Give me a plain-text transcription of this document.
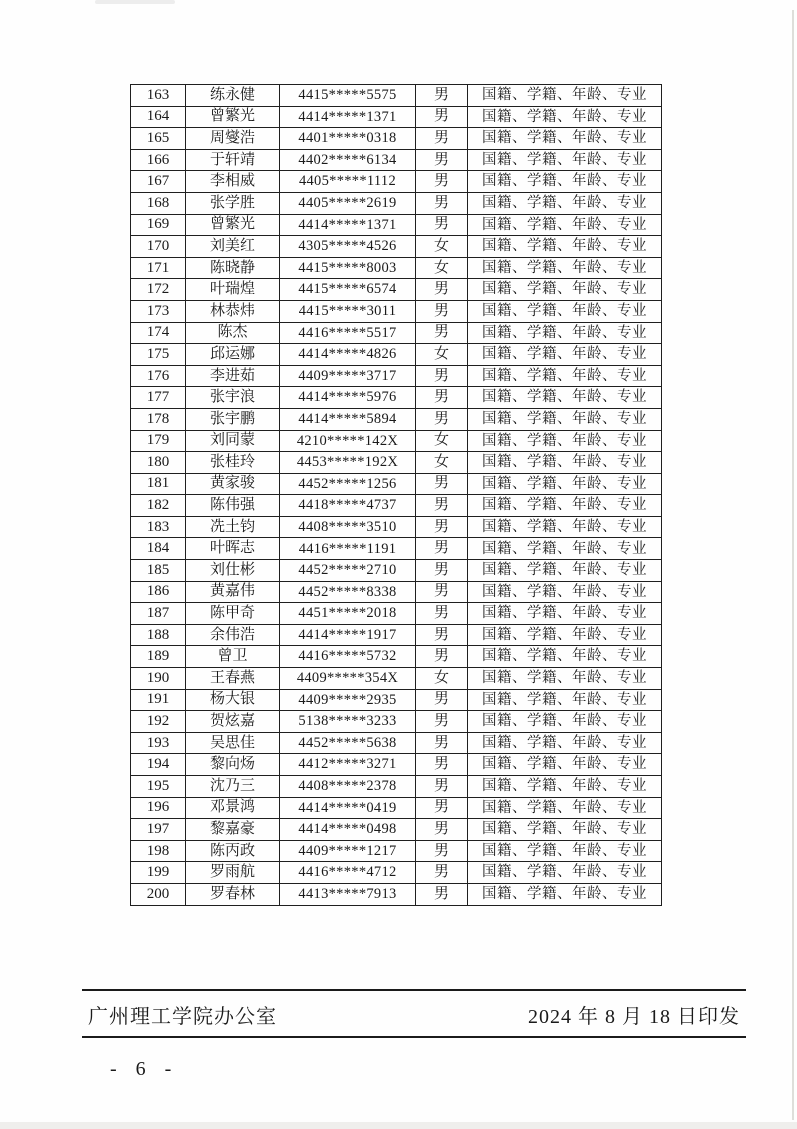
163	练永健	4415*****5575	男	国籍、学籍、年龄、专业
164	曾繁光	4414*****1371	男	国籍、学籍、年龄、专业
165	周燮浩	4401*****0318	男	国籍、学籍、年龄、专业
166	于轩靖	4402*****6134	男	国籍、学籍、年龄、专业
167	李相威	4405*****1112	男	国籍、学籍、年龄、专业
168	张学胜	4405*****2619	男	国籍、学籍、年龄、专业
169	曾繁光	4414*****1371	男	国籍、学籍、年龄、专业
170	刘美红	4305*****4526	女	国籍、学籍、年龄、专业
171	陈晓静	4415*****8003	女	国籍、学籍、年龄、专业
172	叶瑞煌	4415*****6574	男	国籍、学籍、年龄、专业
173	林恭炜	4415*****3011	男	国籍、学籍、年龄、专业
174	陈杰	4416*****5517	男	国籍、学籍、年龄、专业
175	邱运娜	4414*****4826	女	国籍、学籍、年龄、专业
176	李进茹	4409*****3717	男	国籍、学籍、年龄、专业
177	张宇浪	4414*****5976	男	国籍、学籍、年龄、专业
178	张宇鹏	4414*****5894	男	国籍、学籍、年龄、专业
179	刘同蒙	4210*****142X	女	国籍、学籍、年龄、专业
180	张桂玲	4453*****192X	女	国籍、学籍、年龄、专业
181	黄家骏	4452*****1256	男	国籍、学籍、年龄、专业
182	陈伟强	4418*****4737	男	国籍、学籍、年龄、专业
183	冼土钧	4408*****3510	男	国籍、学籍、年龄、专业
184	叶晖志	4416*****1191	男	国籍、学籍、年龄、专业
185	刘仕彬	4452*****2710	男	国籍、学籍、年龄、专业
186	黄嘉伟	4452*****8338	男	国籍、学籍、年龄、专业
187	陈甲奇	4451*****2018	男	国籍、学籍、年龄、专业
188	余伟浩	4414*****1917	男	国籍、学籍、年龄、专业
189	曾卫	4416*****5732	男	国籍、学籍、年龄、专业
190	王春燕	4409*****354X	女	国籍、学籍、年龄、专业
191	杨大银	4409*****2935	男	国籍、学籍、年龄、专业
192	贺炫嘉	5138*****3233	男	国籍、学籍、年龄、专业
193	吴思佳	4452*****5638	男	国籍、学籍、年龄、专业
194	黎向炀	4412*****3271	男	国籍、学籍、年龄、专业
195	沈乃三	4408*****2378	男	国籍、学籍、年龄、专业
196	邓景鸿	4414*****0419	男	国籍、学籍、年龄、专业
197	黎嘉豪	4414*****0498	男	国籍、学籍、年龄、专业
198	陈丙政	4409*****1217	男	国籍、学籍、年龄、专业
199	罗雨航	4416*****4712	男	国籍、学籍、年龄、专业
200	罗春林	4413*****7913	男	国籍、学籍、年龄、专业
广州理工学院办公室	2024 年 8 月 18 日印发
- 6 -
